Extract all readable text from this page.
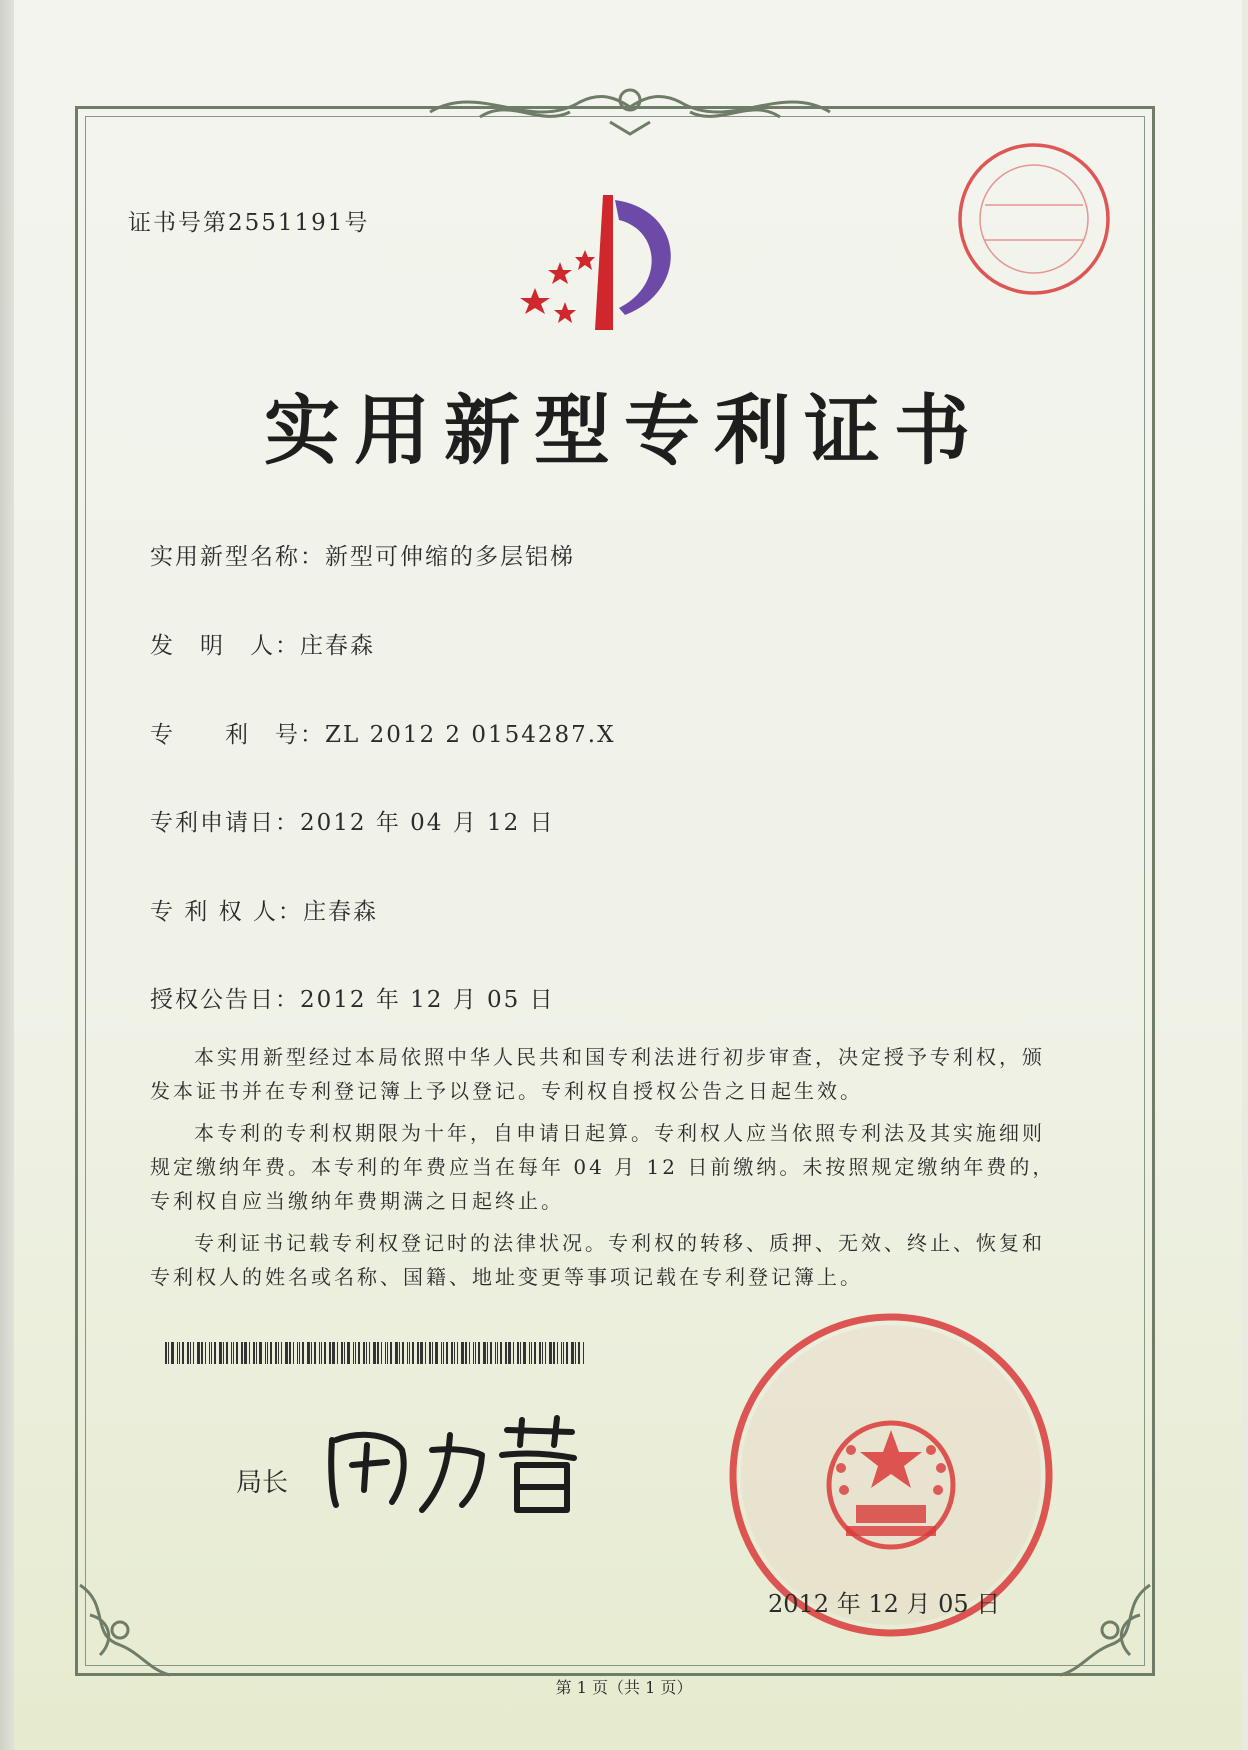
证书号第2551191号
实用新型专利证书
实用新型名称：新型可伸缩的多层铝梯
发　明　人：庄春森
专　　利　号：ZL 2012 2 0154287.X
专利申请日：2012 年 04 月 12 日
专 利 权 人：庄春森
授权公告日：2012 年 12 月 05 日

本实用新型经过本局依照中华人民共和国专利法进行初步审查，决定授予专利权，颁发本证书并在专利登记簿上予以登记。专利权自授权公告之日起生效。

本专利的专利权期限为十年，自申请日起算。专利权人应当依照专利法及其实施细则规定缴纳年费。本专利的年费应当在每年 04 月 12 日前缴纳。未按照规定缴纳年费的，专利权自应当缴纳年费期满之日起终止。

专利证书记载专利权登记时的法律状况。专利权的转移、质押、无效、终止、恢复和专利权人的姓名或名称、国籍、地址变更等事项记载在专利登记簿上。

局长
2012 年 12 月 05 日
第 1 页（共 1 页）
